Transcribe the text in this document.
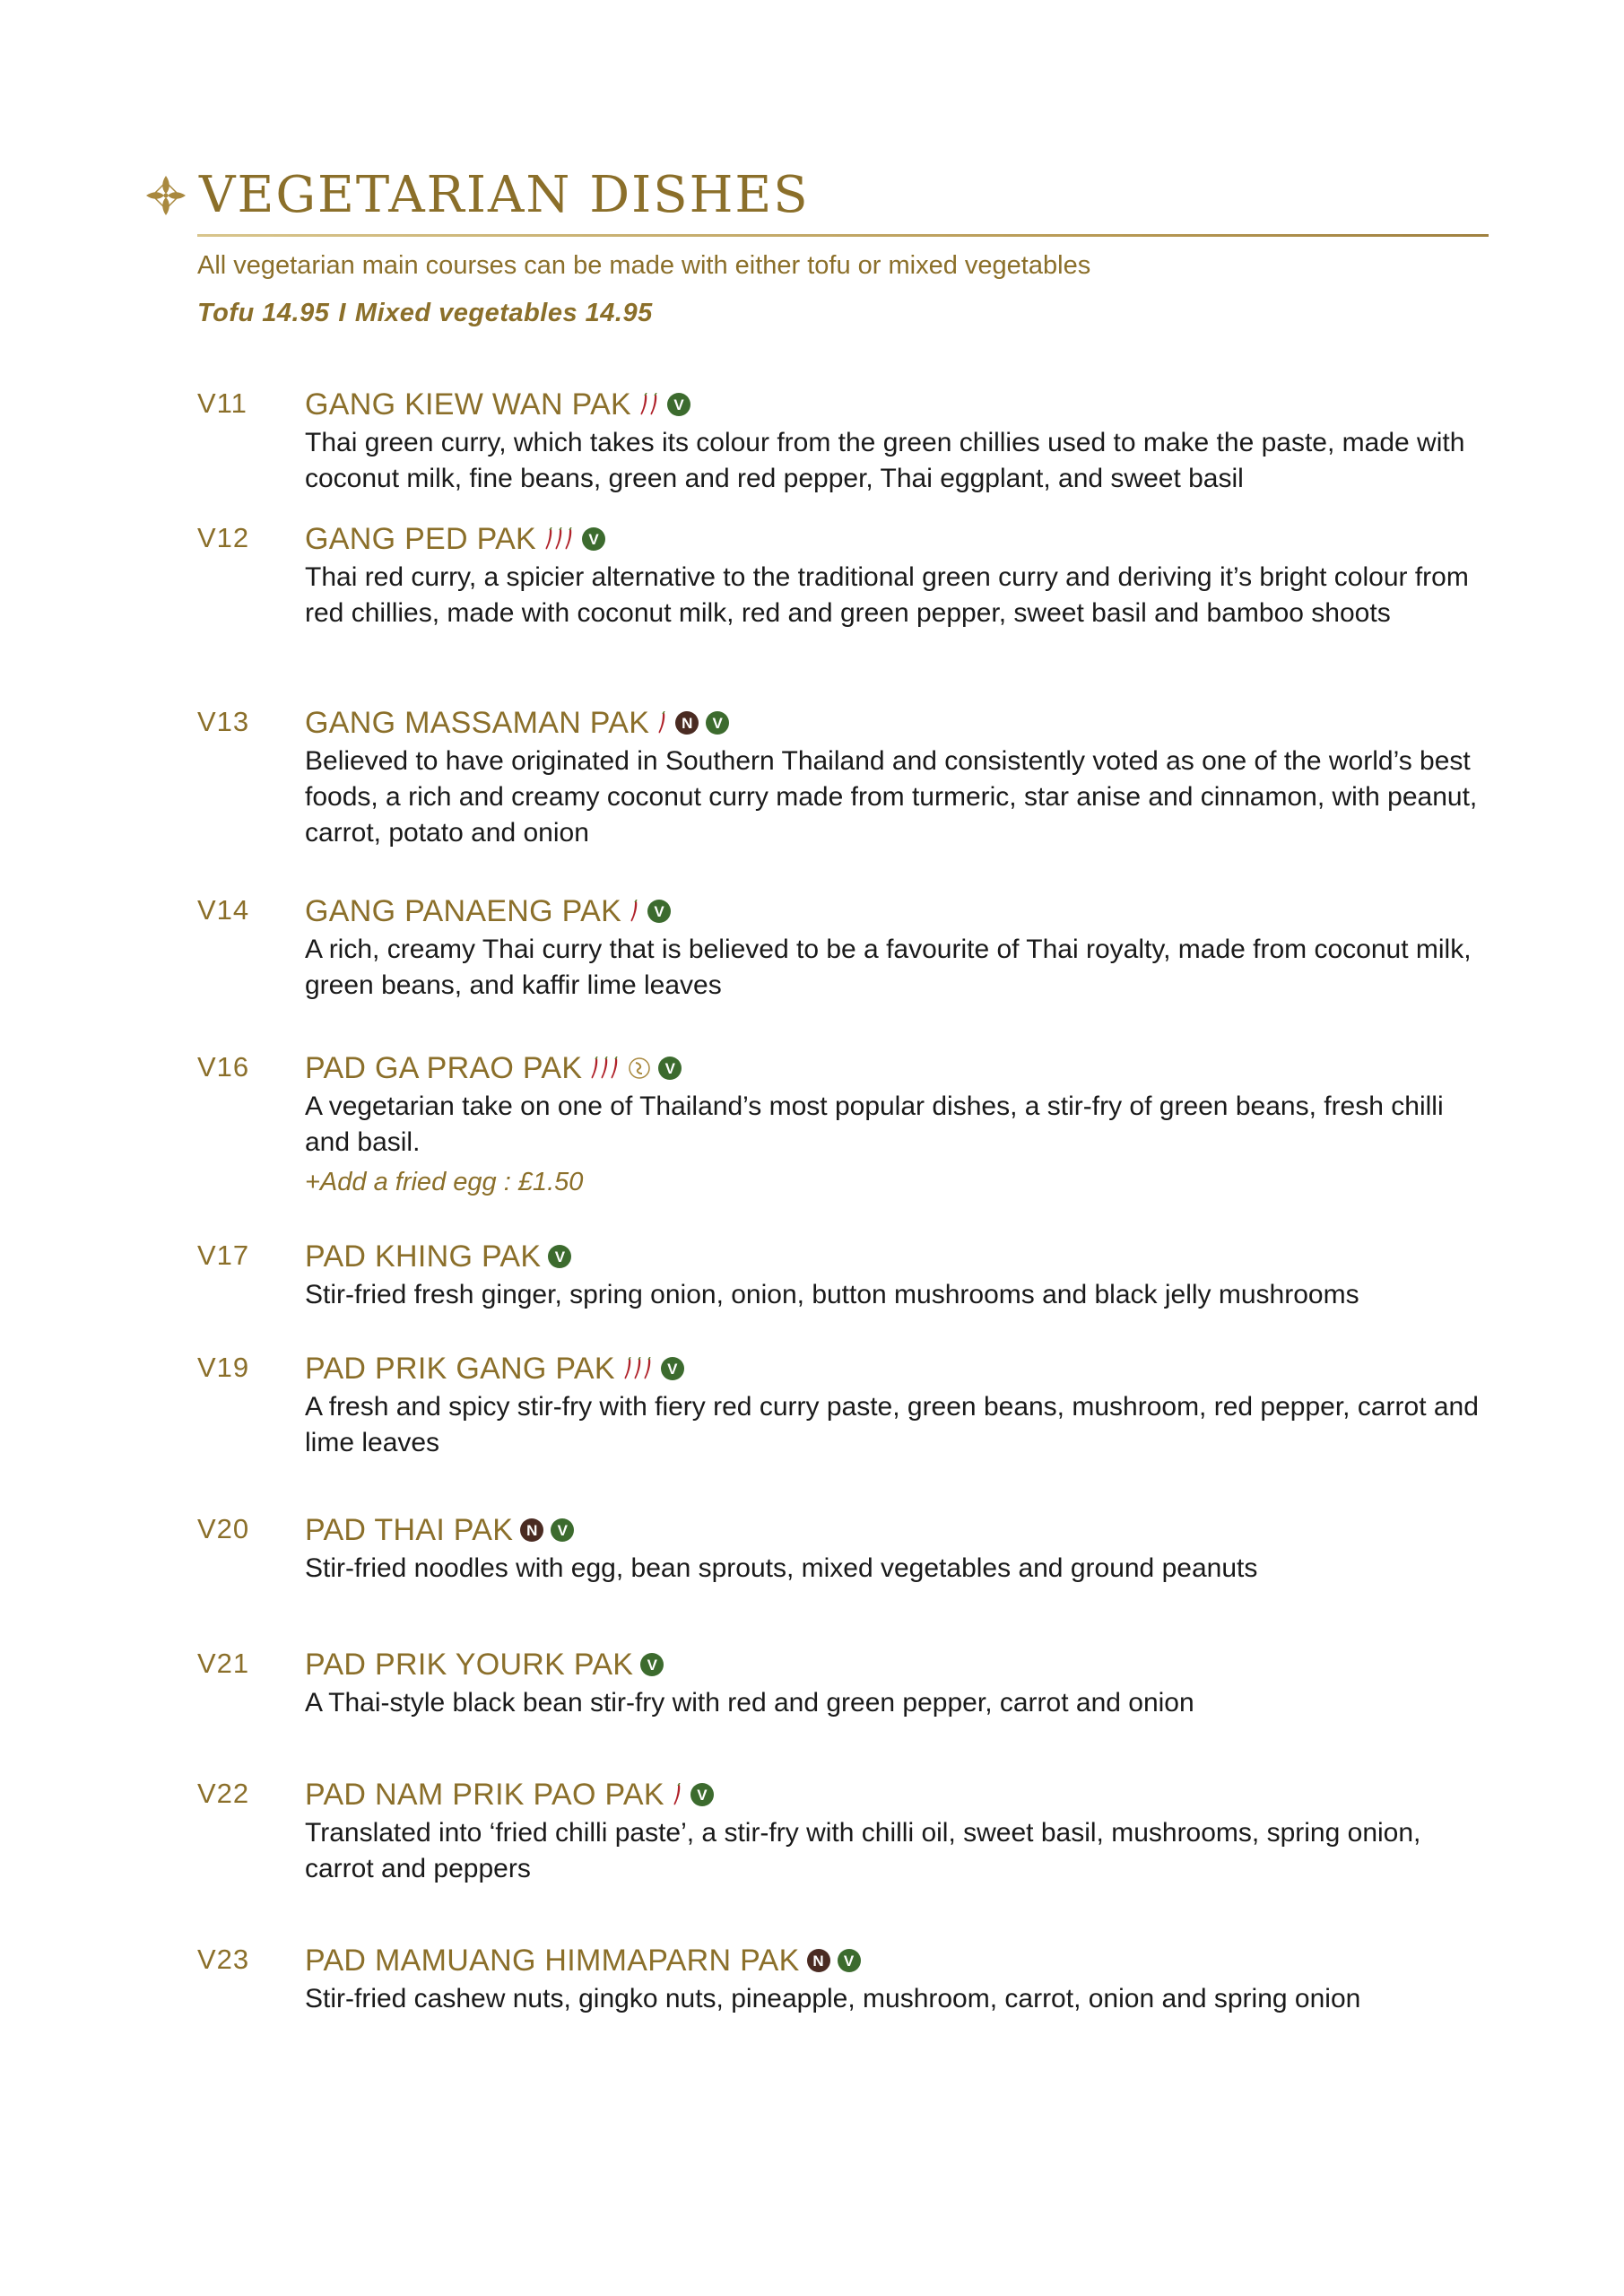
VEGETARIAN DISHES
All vegetarian main courses can be made with either tofu or mixed vegetables
Tofu 14.95 I Mixed vegetables 14.95
V11 GANG KIEW WAN PAK	V
Thai green curry, which takes its colour from the green chillies used to make the paste, made with coconut milk, fine beans, green and red pepper, Thai eggplant, and sweet basil
V12 GANG PED PAK	V
Thai red curry, a spicier alternative to the traditional green curry and deriving it’s bright colour from red chillies, made with coconut milk, red and green pepper, sweet basil and bamboo shoots
V13 GANG MASSAMAN PAK	N	V
Believed to have originated in Southern Thailand and consistently voted as one of the world’s best foods, a rich and creamy coconut curry made from turmeric, star anise and cinnamon, with peanut, carrot, potato and onion
V14 GANG PANAENG PAK	V
A rich, creamy Thai curry that is believed to be a favourite of Thai royalty, made from coconut milk, green beans, and kaffir lime leaves
V16 PAD GA PRAO PAK	V
A vegetarian take on one of Thailand’s most popular dishes, a stir-fry of green beans, fresh chilli and basil.
+Add a fried egg : £1.50
V17 PAD KHING PAK V
Stir-fried fresh ginger, spring onion, onion, button mushrooms and black jelly mushrooms
V19 PAD PRIK GANG PAK	V
A fresh and spicy stir-fry with fiery red curry paste, green beans, mushroom, red pepper, carrot and lime leaves
V20 PAD THAI PAK N	V
Stir-fried noodles with egg, bean sprouts, mixed vegetables and ground peanuts
V21 PAD PRIK YOURK PAK V
A Thai-style black bean stir-fry with red and green pepper, carrot and onion
V22 PAD NAM PRIK PAO PAK	V
Translated into ‘fried chilli paste’, a stir-fry with chilli oil, sweet basil, mushrooms, spring onion, carrot and peppers
V23 PAD MAMUANG HIMMAPARN PAK N	V
Stir-fried cashew nuts, gingko nuts, pineapple, mushroom, carrot, onion and spring onion
